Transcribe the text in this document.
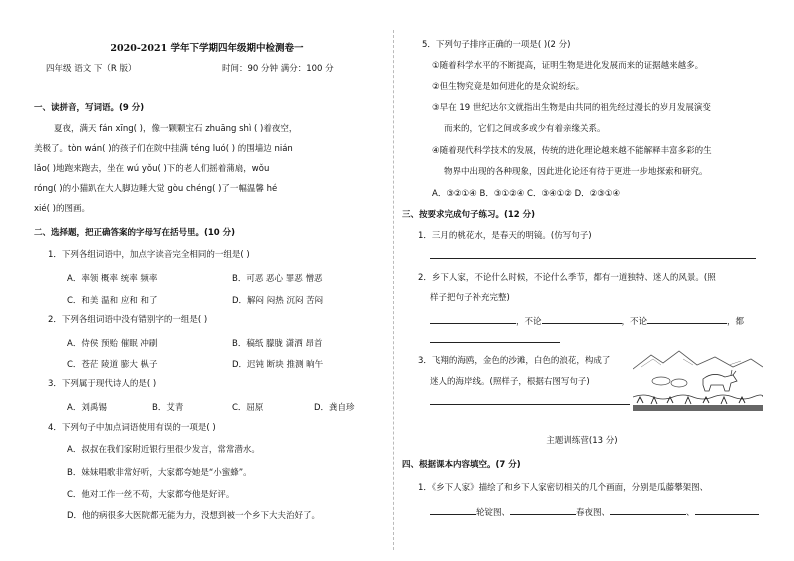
2020-2021 学年下学期四年级期中检测卷一
四年级 语文 下（R 版）	时间：90 分钟 满分：100 分
一、读拼音，写词语。(9 分)
夏夜，满天 fán xīng( )，像一颗颗宝石 zhuāng shì ( )着夜空，
美极了。tòn wán( )的孩子们在院中挂满 téng luó( ) 的围墙边 nián
lǎo( )地跑来跑去，坐在 wú yǒu( )下的老人们摇着蒲扇，wǒu
róng( )的小猫趴在大人脚边睡大觉 gòu chéng( )了一幅温馨 hé
xié( )的图画。
二、选择题，把正确答案的字母写在括号里。(10 分)
1．下列各组词语中，加点字读音完全相同的一组是( )
A．率领 概率 统率 频率	B．可恶 恶心 罪恶 憎恶
C．和美 温和 应和 和了	D．解闷 闷热 沉闷 苦闷
2．下列各组词语中没有错别字的一组是( )
A．侍侯 预贻 催眠 冲刷	B．稿纸 朦胧 潇洒 昂首
C．苍茫 陵道 膨大 枞子	D．迟钝 断块 推测 晌午
3．下列属于现代诗人的是( )
A．刘禹锡	B．艾青	C．屈原	D．龚自珍
4．下列句子中加点词语使用有误的一项是( )
A．叔叔在我们家附近银行里很少发言，常常潜水。
B．妹妹唱歌非常好听，大家都夸她是“小蜜蜂”。
C．他对工作一丝不苟，大家都夸他是好评。
D．他的病很多大医院都无能为力，没想到被一个乡下大夫治好了。
5．下列句子排序正确的一项是( )(2 分)
①随着科学水平的不断提高，证明生物是进化发展而来的证据越来越多。
②但生物究竟是如何进化的是众说纷纭。
③早在 19 世纪达尔文就指出生物是由共同的祖先经过漫长的岁月发展演变
而来的，它们之间或多或少有着亲缘关系。
④随着现代科学技术的发展，传统的进化理论越来越不能解释丰富多彩的生
物界中出现的各种现象，因此进化论还有待于更进一步地探索和研究。
A．③②①④ B．③①②④ C．③④①② D．②③①④
三、按要求完成句子练习。(12 分)
1．三月的桃花水，是春天的明镜。(仿写句子)
2．乡下人家，不论什么时候，不论什么季节，都有一道独特、迷人的风景。(照
样子把句子补充完整)
，不论	，不论	，都
3．飞翔的海鸥，金色的沙滩，白色的浪花，构成了
迷人的海岸线。(照样子，根据右图写句子)
主题训练营(13 分)
四、根据课本内容填空。(7 分)
1．《乡下人家》描绘了和乡下人家密切相关的几个画面，分别是瓜藤攀架图、
轮锭图、	春夜图、	、
